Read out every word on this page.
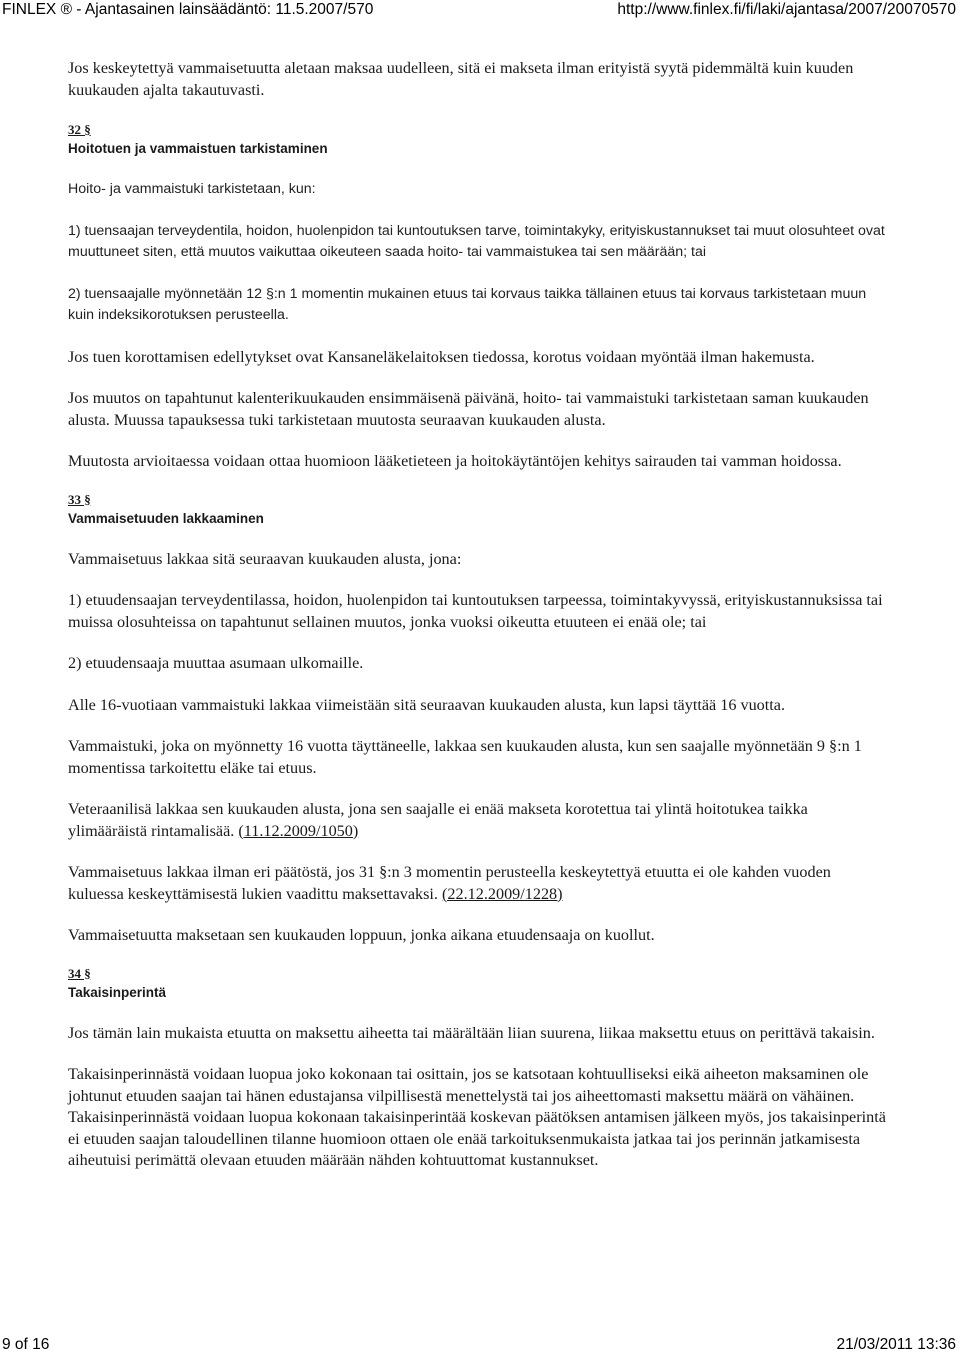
FINLEX ® - Ajantasainen lainsäädäntö: 11.5.2007/570	http://www.finlex.fi/fi/laki/ajantasa/2007/20070570

Jos keskeytettyä vammaisetuutta aletaan maksaa uudelleen, sitä ei makseta ilman erityistä syytä pidemmältä kuin kuuden kuukauden ajalta takautuvasti.

32 §
Hoitotuen ja vammaistuen tarkistaminen

Hoito- ja vammaistuki tarkistetaan, kun:

1) tuensaajan terveydentila, hoidon, huolenpidon tai kuntoutuksen tarve, toimintakyky, erityiskustannukset tai muut olosuhteet ovat muuttuneet siten, että muutos vaikuttaa oikeuteen saada hoito- tai vammaistukea tai sen määrään; tai

2) tuensaajalle myönnetään 12 §:n 1 momentin mukainen etuus tai korvaus taikka tällainen etuus tai korvaus tarkistetaan muun kuin indeksikorotuksen perusteella.

Jos tuen korottamisen edellytykset ovat Kansaneläkelaitoksen tiedossa, korotus voidaan myöntää ilman hakemusta.

Jos muutos on tapahtunut kalenterikuukauden ensimmäisenä päivänä, hoito- tai vammaistuki tarkistetaan saman kuukauden alusta. Muussa tapauksessa tuki tarkistetaan muutosta seuraavan kuukauden alusta.

Muutosta arvioitaessa voidaan ottaa huomioon lääketieteen ja hoitokäytäntöjen kehitys sairauden tai vamman hoidossa.

33 §
Vammaisetuuden lakkaaminen

Vammaisetuus lakkaa sitä seuraavan kuukauden alusta, jona:

1) etuudensaajan terveydentilassa, hoidon, huolenpidon tai kuntoutuksen tarpeessa, toimintakyvyssä, erityiskustannuksissa tai muissa olosuhteissa on tapahtunut sellainen muutos, jonka vuoksi oikeutta etuuteen ei enää ole; tai

2) etuudensaaja muuttaa asumaan ulkomaille.

Alle 16-vuotiaan vammaistuki lakkaa viimeistään sitä seuraavan kuukauden alusta, kun lapsi täyttää 16 vuotta.

Vammaistuki, joka on myönnetty 16 vuotta täyttäneelle, lakkaa sen kuukauden alusta, kun sen saajalle myönnetään 9 §:n 1 momentissa tarkoitettu eläke tai etuus.

Veteraanilisä lakkaa sen kuukauden alusta, jona sen saajalle ei enää makseta korotettua tai ylintä hoitotukea taikka ylimääräistä rintamalisää. (11.12.2009/1050)

Vammaisetuus lakkaa ilman eri päätöstä, jos 31 §:n 3 momentin perusteella keskeytettyä etuutta ei ole kahden vuoden kuluessa keskeyttämisestä lukien vaadittu maksettavaksi. (22.12.2009/1228)

Vammaisetuutta maksetaan sen kuukauden loppuun, jonka aikana etuudensaaja on kuollut.

34 §
Takaisinperintä

Jos tämän lain mukaista etuutta on maksettu aiheetta tai määrältään liian suurena, liikaa maksettu etuus on perittävä takaisin.

Takaisinperinnästä voidaan luopua joko kokonaan tai osittain, jos se katsotaan kohtuulliseksi eikä aiheeton maksaminen ole johtunut etuuden saajan tai hänen edustajansa vilpillisestä menettelystä tai jos aiheettomasti maksettu määrä on vähäinen. Takaisinperinnästä voidaan luopua kokonaan takaisinperintää koskevan päätöksen antamisen jälkeen myös, jos takaisinperintä ei etuuden saajan taloudellinen tilanne huomioon ottaen ole enää tarkoituksenmukaista jatkaa tai jos perinnän jatkamisesta aiheutuisi perimättä olevaan etuuden määrään nähden kohtuuttomat kustannukset.

9 of 16	21/03/2011 13:36
